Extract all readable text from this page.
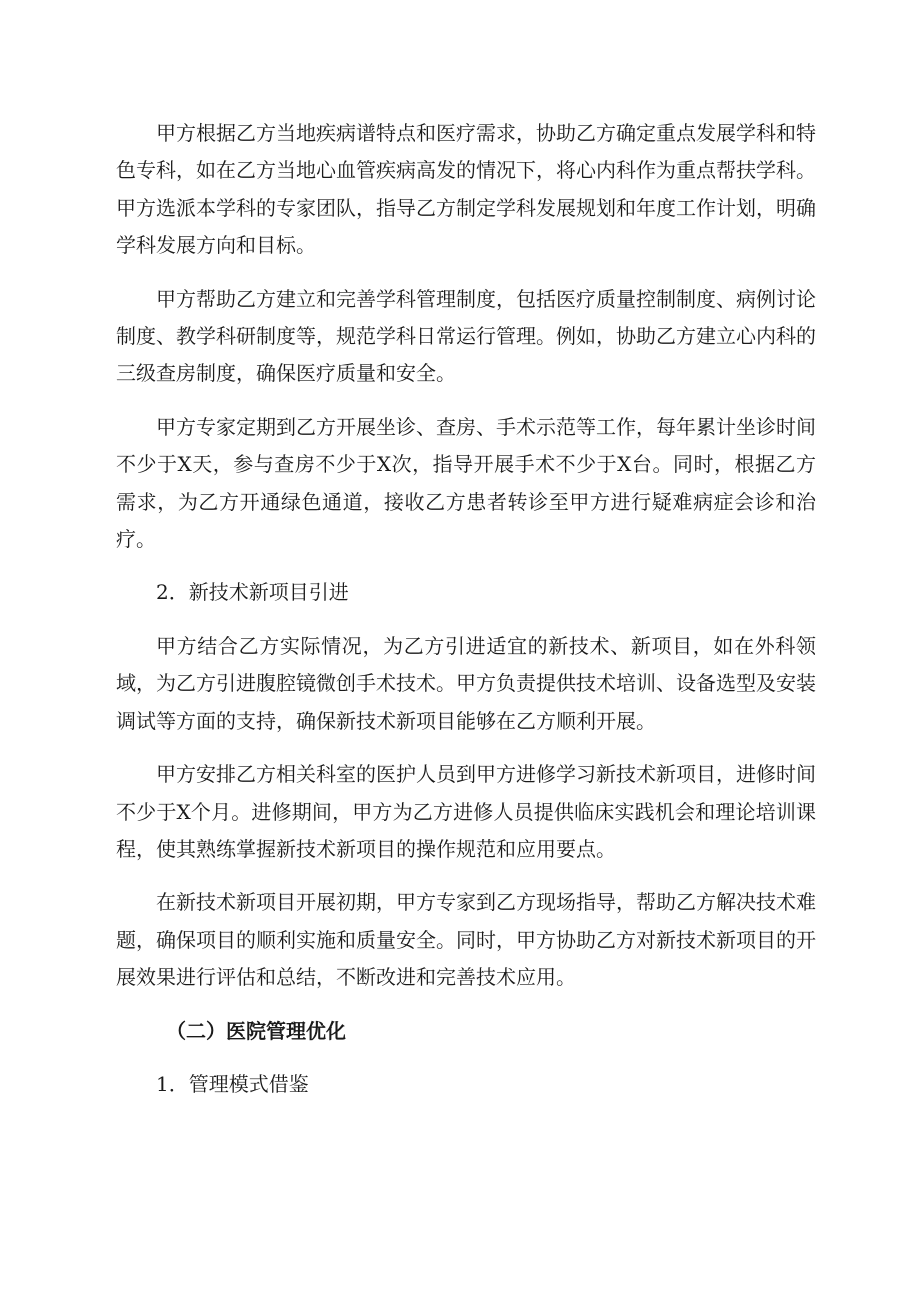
甲方根据乙方当地疾病谱特点和医疗需求，协助乙方确定重点发展学科和特色专科，如在乙方当地心血管疾病高发的情况下，将心内科作为重点帮扶学科。甲方选派本学科的专家团队，指导乙方制定学科发展规划和年度工作计划，明确学科发展方向和目标。

甲方帮助乙方建立和完善学科管理制度，包括医疗质量控制制度、病例讨论制度、教学科研制度等，规范学科日常运行管理。例如，协助乙方建立心内科的三级查房制度，确保医疗质量和安全。

甲方专家定期到乙方开展坐诊、查房、手术示范等工作，每年累计坐诊时间不少于X天，参与查房不少于X次，指导开展手术不少于X台。同时，根据乙方需求，为乙方开通绿色通道，接收乙方患者转诊至甲方进行疑难病症会诊和治疗。

2．新技术新项目引进

甲方结合乙方实际情况，为乙方引进适宜的新技术、新项目，如在外科领域，为乙方引进腹腔镜微创手术技术。甲方负责提供技术培训、设备选型及安装调试等方面的支持，确保新技术新项目能够在乙方顺利开展。

甲方安排乙方相关科室的医护人员到甲方进修学习新技术新项目，进修时间不少于X个月。进修期间，甲方为乙方进修人员提供临床实践机会和理论培训课程，使其熟练掌握新技术新项目的操作规范和应用要点。

在新技术新项目开展初期，甲方专家到乙方现场指导，帮助乙方解决技术难题，确保项目的顺利实施和质量安全。同时，甲方协助乙方对新技术新项目的开展效果进行评估和总结，不断改进和完善技术应用。

（二）医院管理优化

1．管理模式借鉴
